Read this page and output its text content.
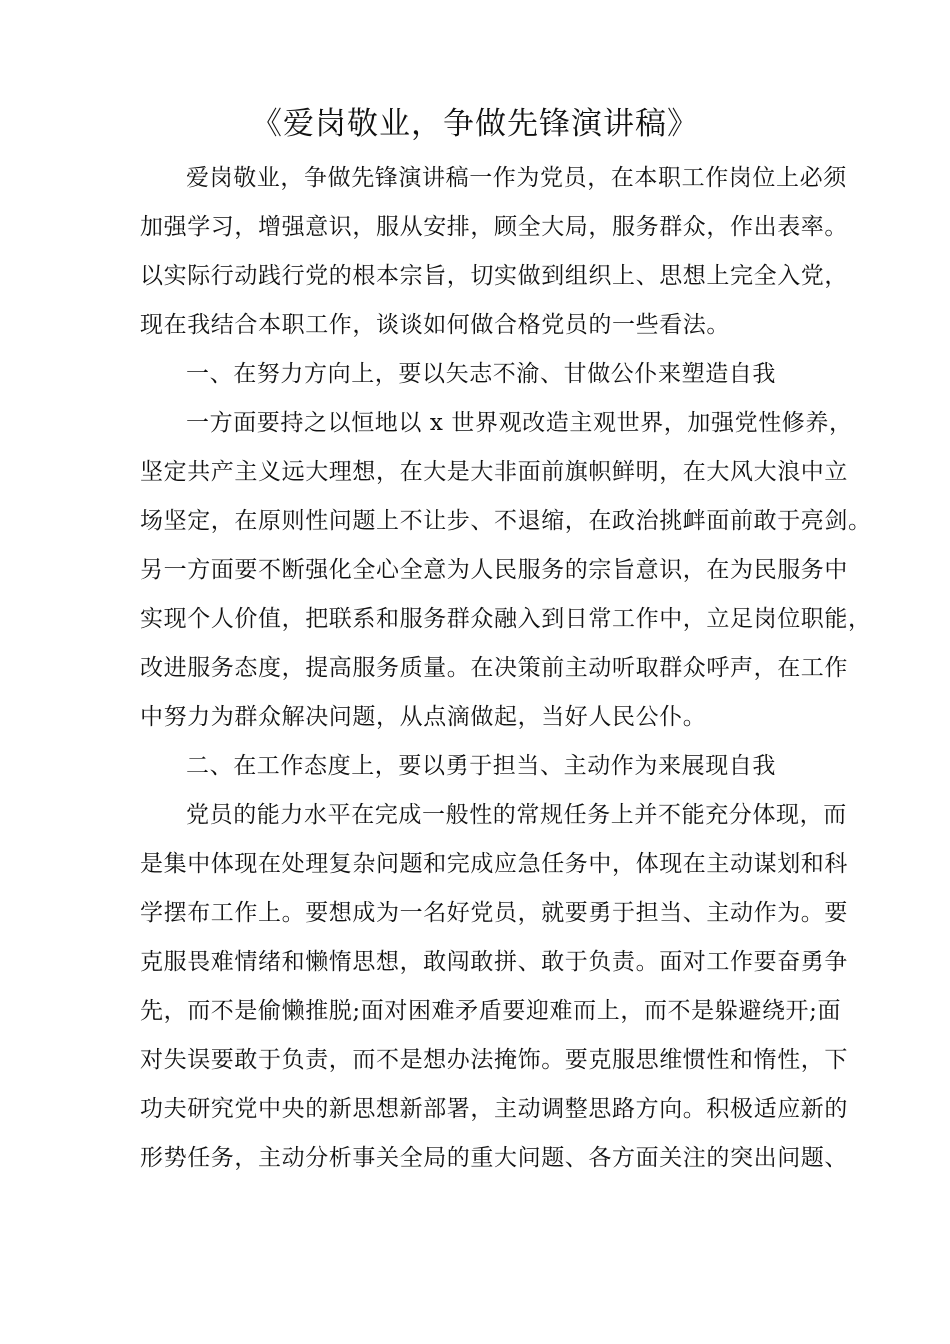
《爱岗敬业，争做先锋演讲稿》
爱岗敬业，争做先锋演讲稿一作为党员，在本职工作岗位上必须
加强学习，增强意识，服从安排，顾全大局，服务群众，作出表率。
以实际行动践行党的根本宗旨，切实做到组织上、思想上完全入党，
现在我结合本职工作，谈谈如何做合格党员的一些看法。
一、在努力方向上，要以矢志不渝、甘做公仆来塑造自我
一方面要持之以恒地以 x 世界观改造主观世界，加强党性修养，
坚定共产主义远大理想，在大是大非面前旗帜鲜明，在大风大浪中立
场坚定，在原则性问题上不让步、不退缩，在政治挑衅面前敢于亮剑。
另一方面要不断强化全心全意为人民服务的宗旨意识，在为民服务中
实现个人价值，把联系和服务群众融入到日常工作中，立足岗位职能，
改进服务态度，提高服务质量。在决策前主动听取群众呼声，在工作
中努力为群众解决问题，从点滴做起，当好人民公仆。
二、在工作态度上，要以勇于担当、主动作为来展现自我
党员的能力水平在完成一般性的常规任务上并不能充分体现，而
是集中体现在处理复杂问题和完成应急任务中，体现在主动谋划和科
学摆布工作上。要想成为一名好党员，就要勇于担当、主动作为。要
克服畏难情绪和懒惰思想，敢闯敢拼、敢于负责。面对工作要奋勇争
先，而不是偷懒推脱;面对困难矛盾要迎难而上，而不是躲避绕开;面
对失误要敢于负责，而不是想办法掩饰。要克服思维惯性和惰性，下
功夫研究党中央的新思想新部署，主动调整思路方向。积极适应新的
形势任务，主动分析事关全局的重大问题、各方面关注的突出问题、
